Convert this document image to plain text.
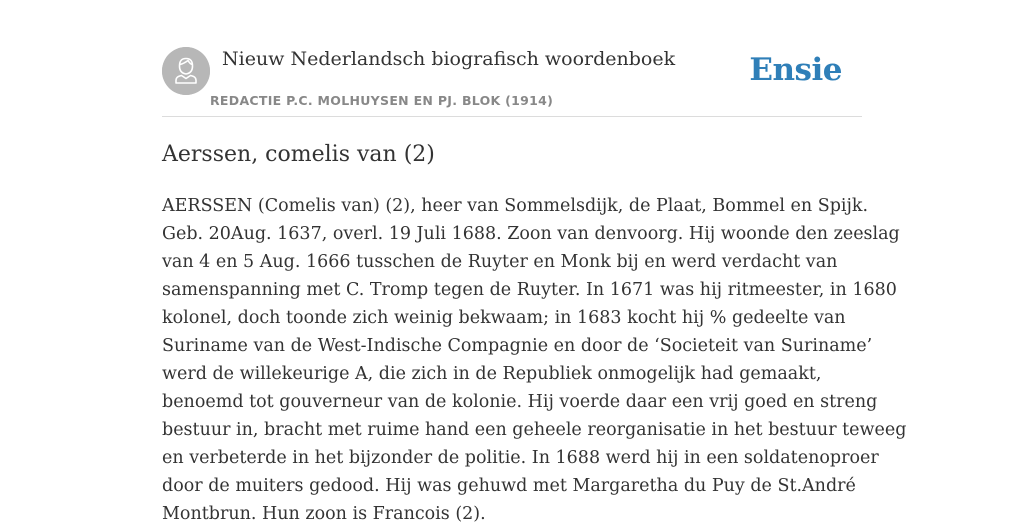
Nieuw Nederlandsch biografisch woordenboek
REDACTIE P.C. MOLHUYSEN EN PJ. BLOK (1914)
Ensie
Aerssen, comelis van (2)
AERSSEN (Comelis van) (2), heer van Sommelsdijk, de Plaat, Bommel en Spijk.
Geb. 20Aug. 1637, overl. 19 Juli 1688. Zoon van denvoorg. Hij woonde den zeeslag
van 4 en 5 Aug. 1666 tusschen de Ruyter en Monk bij en werd verdacht van
samenspanning met C. Tromp tegen de Ruyter. In 1671 was hij ritmeester, in 1680
kolonel, doch toonde zich weinig bekwaam; in 1683 kocht hij % gedeelte van
Suriname van de West-Indische Compagnie en door de ‘Societeit van Suriname’
werd de willekeurige A, die zich in de Republiek onmogelijk had gemaakt,
benoemd tot gouverneur van de kolonie. Hij voerde daar een vrij goed en streng
bestuur in, bracht met ruime hand een geheele reorganisatie in het bestuur teweeg
en verbeterde in het bijzonder de politie. In 1688 werd hij in een soldatenoproer
door de muiters gedood. Hij was gehuwd met Margaretha du Puy de St.André
Montbrun. Hun zoon is Francois (2).
